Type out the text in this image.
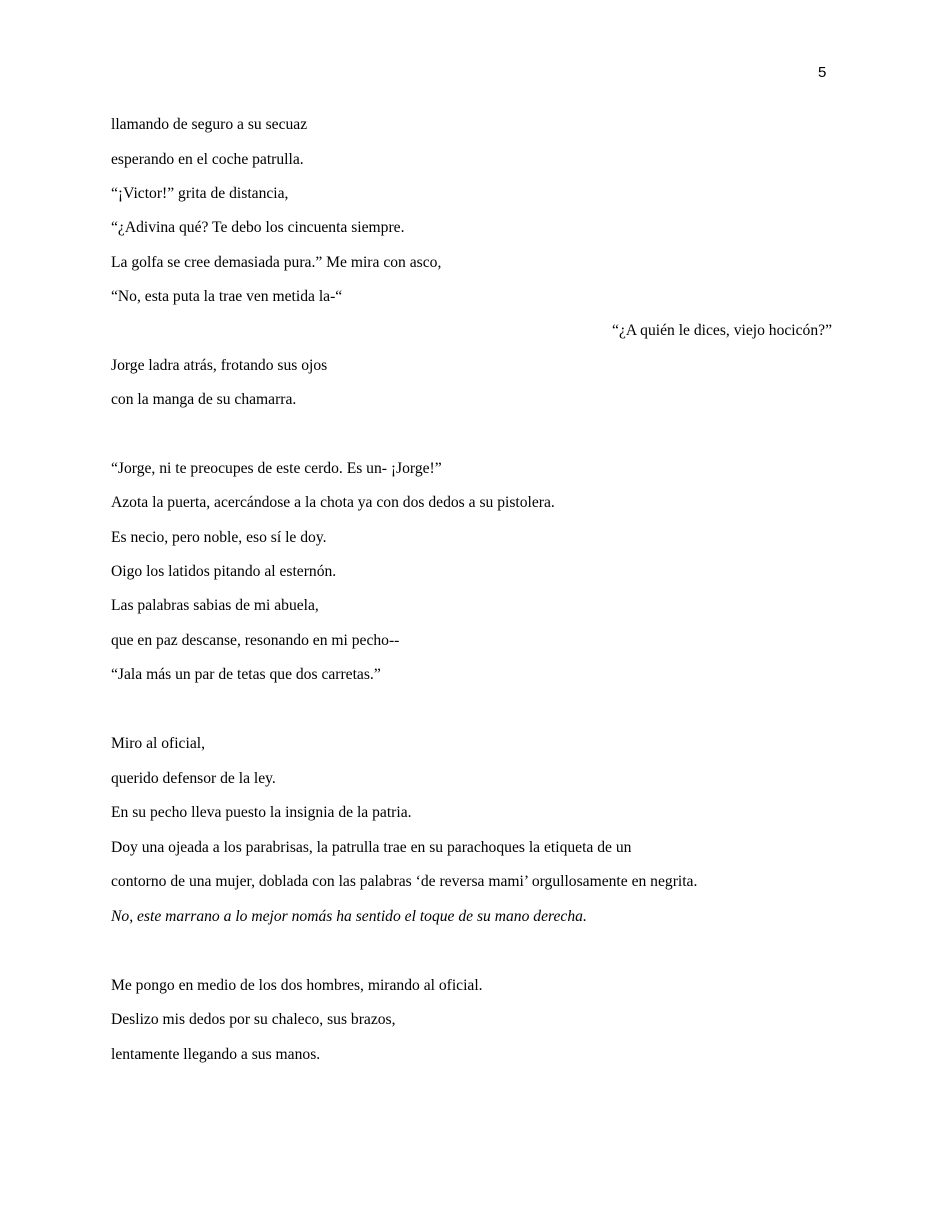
5
llamando de seguro a su secuaz
esperando en el coche patrulla.
“¡Victor!” grita de distancia,
“¿Adivina qué? Te debo los cincuenta siempre.
La golfa se cree demasiada pura.” Me mira con asco,
“No, esta puta la trae ven metida la-“
“¿A quién le dices, viejo hocicón?”
Jorge ladra atrás, frotando sus ojos
con la manga de su chamarra.
“Jorge, ni te preocupes de este cerdo. Es un- ¡Jorge!”
Azota la puerta, acercándose a la chota ya con dos dedos a su pistolera.
Es necio, pero noble, eso sí le doy.
Oigo los latidos pitando al esternón.
Las palabras sabias de mi abuela,
que en paz descanse, resonando en mi pecho--
“Jala más un par de tetas que dos carretas.”
Miro al oficial,
querido defensor de la ley.
En su pecho lleva puesto la insignia de la patria.
Doy una ojeada a los parabrisas, la patrulla trae en su parachoques la etiqueta de un
contorno de una mujer, doblada con las palabras ‘de reversa mami’ orgullosamente en negrita.
No, este marrano a lo mejor nomás ha sentido el toque de su mano derecha.
Me pongo en medio de los dos hombres, mirando al oficial.
Deslizo mis dedos por su chaleco, sus brazos,
lentamente llegando a sus manos.
